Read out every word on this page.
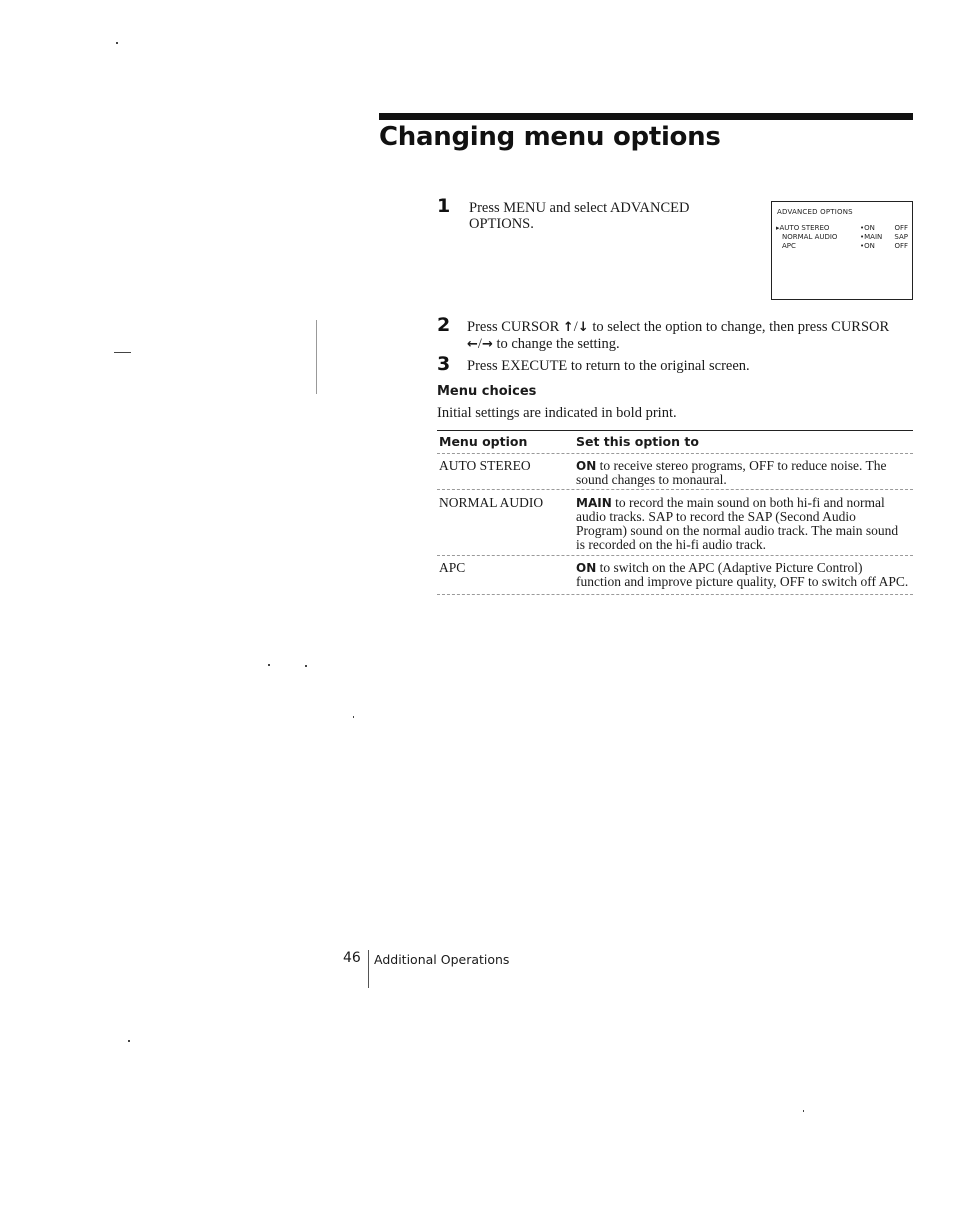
Changing menu options
1 Press MENU and select ADVANCED
OPTIONS.
ADVANCED OPTIONS
▸AUTO STEREO	•ON	OFF
NORMAL AUDIO	•MAIN SAP
APC	•ON	OFF
2 Press CURSOR ↑/↓ to select the option to change, then press CURSOR
←/→ to change the setting.
3 Press EXECUTE to return to the original screen.
Menu choices
Initial settings are indicated in bold print.
Menu option	Set this option to
AUTO STEREO	ON to receive stereo programs, OFF to reduce noise. The
sound changes to monaural.
NORMAL AUDIO	MAIN to record the main sound on both hi-fi and normal
audio tracks. SAP to record the SAP (Second Audio
Program) sound on the normal audio track. The main sound
is recorded on the hi-fi audio track.
APC	ON to switch on the APC (Adaptive Picture Control)
function and improve picture quality, OFF to switch off APC.
46 Additional Operations
